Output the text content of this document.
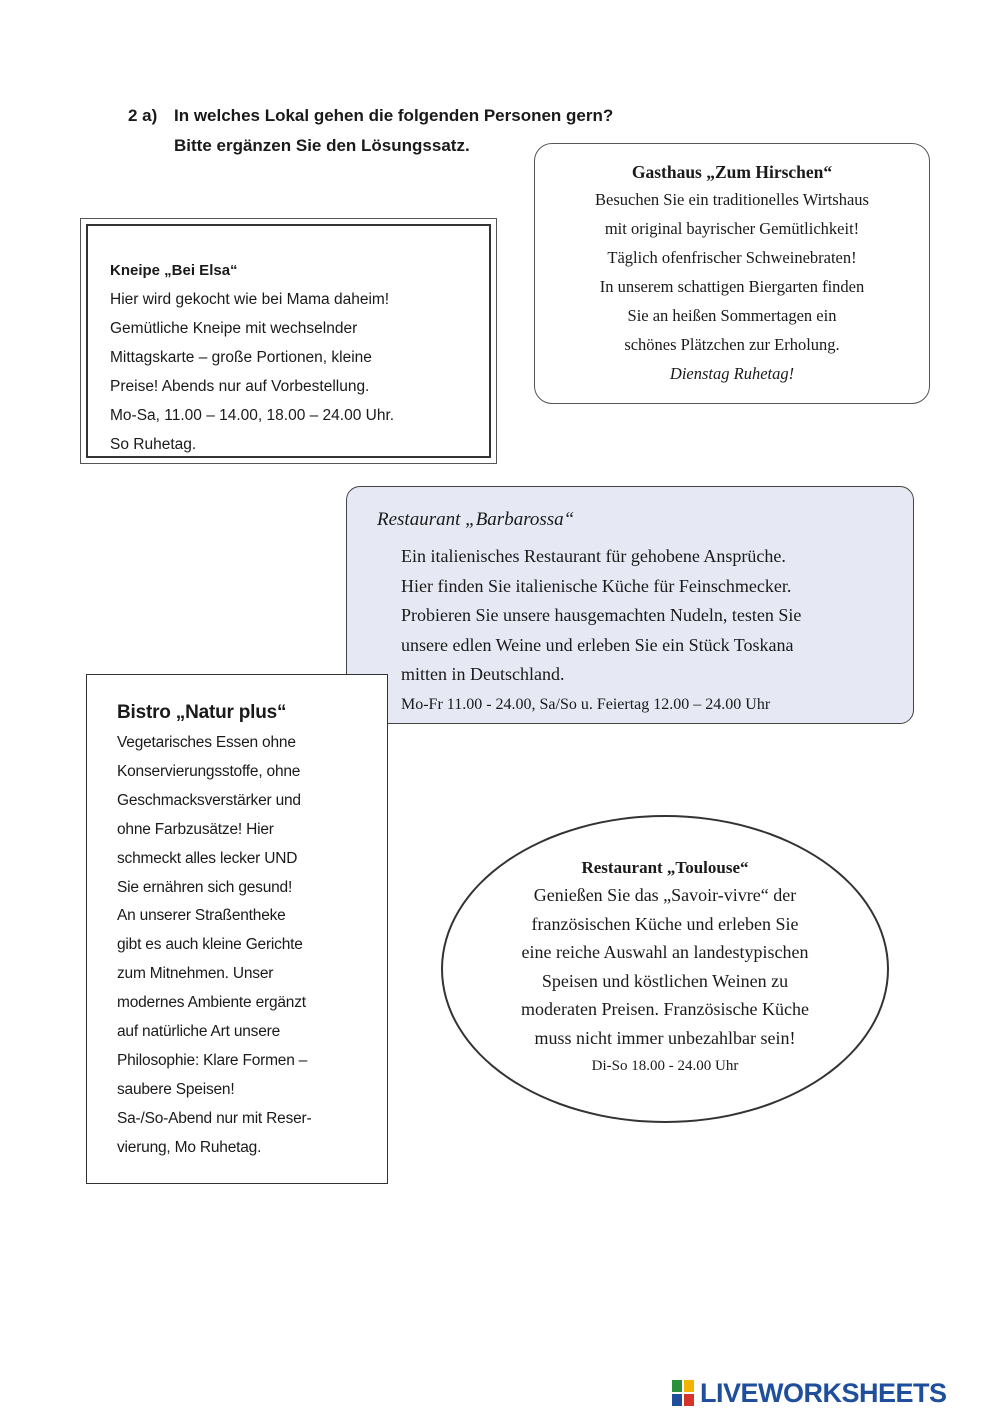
2 a) In welches Lokal gehen die folgenden Personen gern?
Bitte ergänzen Sie den Lösungssatz.
Kneipe „Bei Elsa“
Hier wird gekocht wie bei Mama daheim!
Gemütliche Kneipe mit wechselnder
Mittagskarte – große Portionen, kleine
Preise! Abends nur auf Vorbestellung.
Mo-Sa, 11.00 – 14.00, 18.00 – 24.00 Uhr.
So Ruhetag.
Gasthaus „Zum Hirschen“
Besuchen Sie ein traditionelles Wirtshaus
mit original bayrischer Gemütlichkeit!
Täglich ofenfrischer Schweinebraten!
In unserem schattigen Biergarten finden
Sie an heißen Sommertagen ein
schönes Plätzchen zur Erholung.
Dienstag Ruhetag!
Restaurant „Barbarossa“
Ein italienisches Restaurant für gehobene Ansprüche.
Hier finden Sie italienische Küche für Feinschmecker.
Probieren Sie unsere hausgemachten Nudeln, testen Sie
unsere edlen Weine und erleben Sie ein Stück Toskana
mitten in Deutschland.
Mo-Fr 11.00 - 24.00, Sa/So u. Feiertag 12.00 – 24.00 Uhr
Bistro „Natur plus“
Vegetarisches Essen ohne
Konservierungsstoffe, ohne
Geschmacksverstärker und
ohne Farbzusätze! Hier
schmeckt alles lecker UND
Sie ernähren sich gesund!
An unserer Straßentheke
gibt es auch kleine Gerichte
zum Mitnehmen. Unser
modernes Ambiente ergänzt
auf natürliche Art unsere
Philosophie: Klare Formen –
saubere Speisen!
Sa-/So-Abend nur mit Reser-
vierung, Mo Ruhetag.
Restaurant „Toulouse“
Genießen Sie das „Savoir-vivre“ der
französischen Küche und erleben Sie
eine reiche Auswahl an landestypischen
Speisen und köstlichen Weinen zu
moderaten Preisen. Französische Küche
muss nicht immer unbezahlbar sein!
Di-So 18.00 - 24.00 Uhr
LIVEWORKSHEETS
